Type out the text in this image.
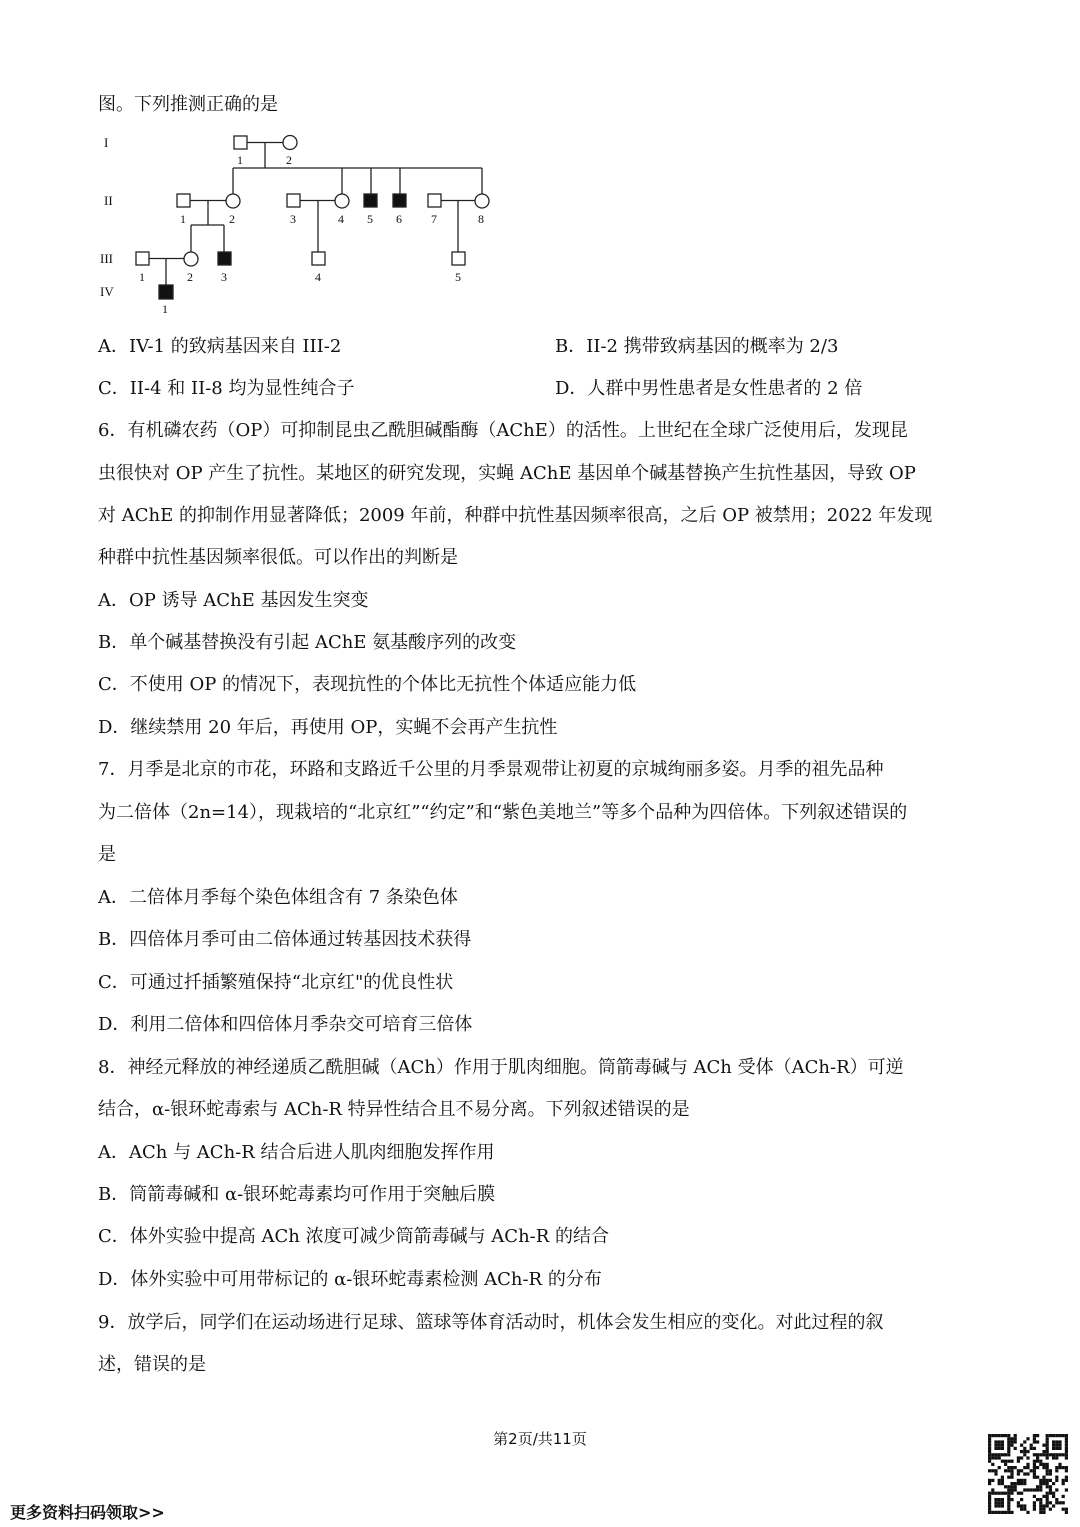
图。下列推测正确的是
I
II
III
IV
1	2
1	2	3	4 5 6 7	8
1	2 3	4	5
1
A．IV-1 的致病基因来自 III-2	B．II-2 携带致病基因的概率为 2/3
C．II-4 和 II-8 均为显性纯合子	D．人群中男性患者是女性患者的 2 倍
6．有机磷农药（OP）可抑制昆虫乙酰胆碱酯酶（AChE）的活性。上世纪在全球广泛使用后，发现昆
虫很快对 OP 产生了抗性。某地区的研究发现，实蝇 AChE 基因单个碱基替换产生抗性基因，导致 OP
对 AChE 的抑制作用显著降低；2009 年前，种群中抗性基因频率很高，之后 OP 被禁用；2022 年发现
种群中抗性基因频率很低。可以作出的判断是
A．OP 诱导 AChE 基因发生突变
B．单个碱基替换没有引起 AChE 氨基酸序列的改变
C．不使用 OP 的情况下，表现抗性的个体比无抗性个体适应能力低
D．继续禁用 20 年后，再使用 OP，实蝇不会再产生抗性
7．月季是北京的市花，环路和支路近千公里的月季景观带让初夏的京城绚丽多姿。月季的祖先品种
为二倍体（2n=14），现栽培的“北京红”“约定”和“紫色美地兰”等多个品种为四倍体。下列叙述错误的
是
A．二倍体月季每个染色体组含有 7 条染色体
B．四倍体月季可由二倍体通过转基因技术获得
C．可通过扦插繁殖保持“北京红"的优良性状
D．利用二倍体和四倍体月季杂交可培育三倍体
8．神经元释放的神经递质乙酰胆碱（ACh）作用于肌肉细胞。筒箭毒碱与 ACh 受体（ACh-R）可逆
结合，α-银环蛇毒索与 ACh-R 特异性结合且不易分离。下列叙述错误的是
A．ACh 与 ACh-R 结合后进人肌肉细胞发挥作用
B．筒箭毒碱和 α-银环蛇毒素均可作用于突触后膜
C．体外实验中提高 ACh 浓度可减少筒箭毒碱与 ACh-R 的结合
D．体外实验中可用带标记的 α-银环蛇毒素检测 ACh-R 的分布
9．放学后，同学们在运动场进行足球、篮球等体育活动时，机体会发生相应的变化。对此过程的叙
述，错误的是
第2页/共11页
更多资料扫码领取>>
